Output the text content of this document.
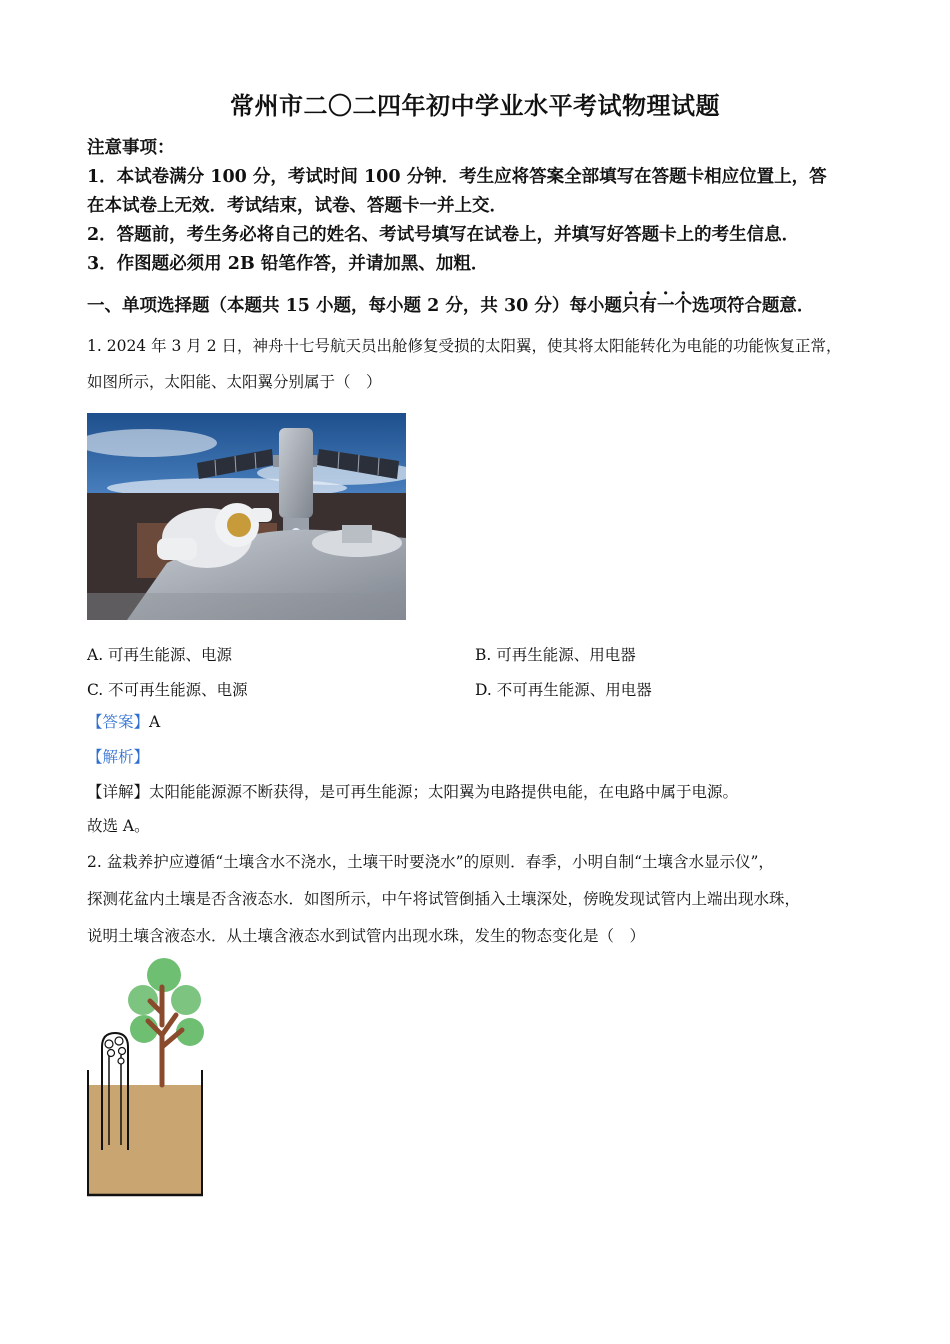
常州市二〇二四年初中学业水平考试物理试题
注意事项：
1．本试卷满分 100 分，考试时间 100 分钟．考生应将答案全部填写在答题卡相应位置上，答
在本试卷上无效．考试结束，试卷、答题卡一并上交．
2．答题前，考生务必将自己的姓名、考试号填写在试卷上，并填写好答题卡上的考生信息．
3．作图题必须用 2B 铅笔作答，并请加黑、加粗．
一、单项选择题（本题共 15 小题，每小题 2 分，共 30 分）每小题只有一个选项符合题意．
1. 2024 年 3 月 2 日，神舟十七号航天员出舱修复受损的太阳翼，使其将太阳能转化为电能的功能恢复正常，
如图所示，太阳能、太阳翼分别属于（　）
A. 可再生能源、电源	B. 可再生能源、用电器
C. 不可再生能源、电源	D. 不可再生能源、用电器
【答案】A
【解析】
【详解】太阳能能源源不断获得，是可再生能源；太阳翼为电路提供电能，在电路中属于电源。
故选 A。
2. 盆栽养护应遵循“土壤含水不浇水，土壤干时要浇水”的原则．春季，小明自制“土壤含水显示仪”，
探测花盆内土壤是否含液态水．如图所示，中午将试管倒插入土壤深处，傍晚发现试管内上端出现水珠，
说明土壤含液态水．从土壤含液态水到试管内出现水珠，发生的物态变化是（　）
